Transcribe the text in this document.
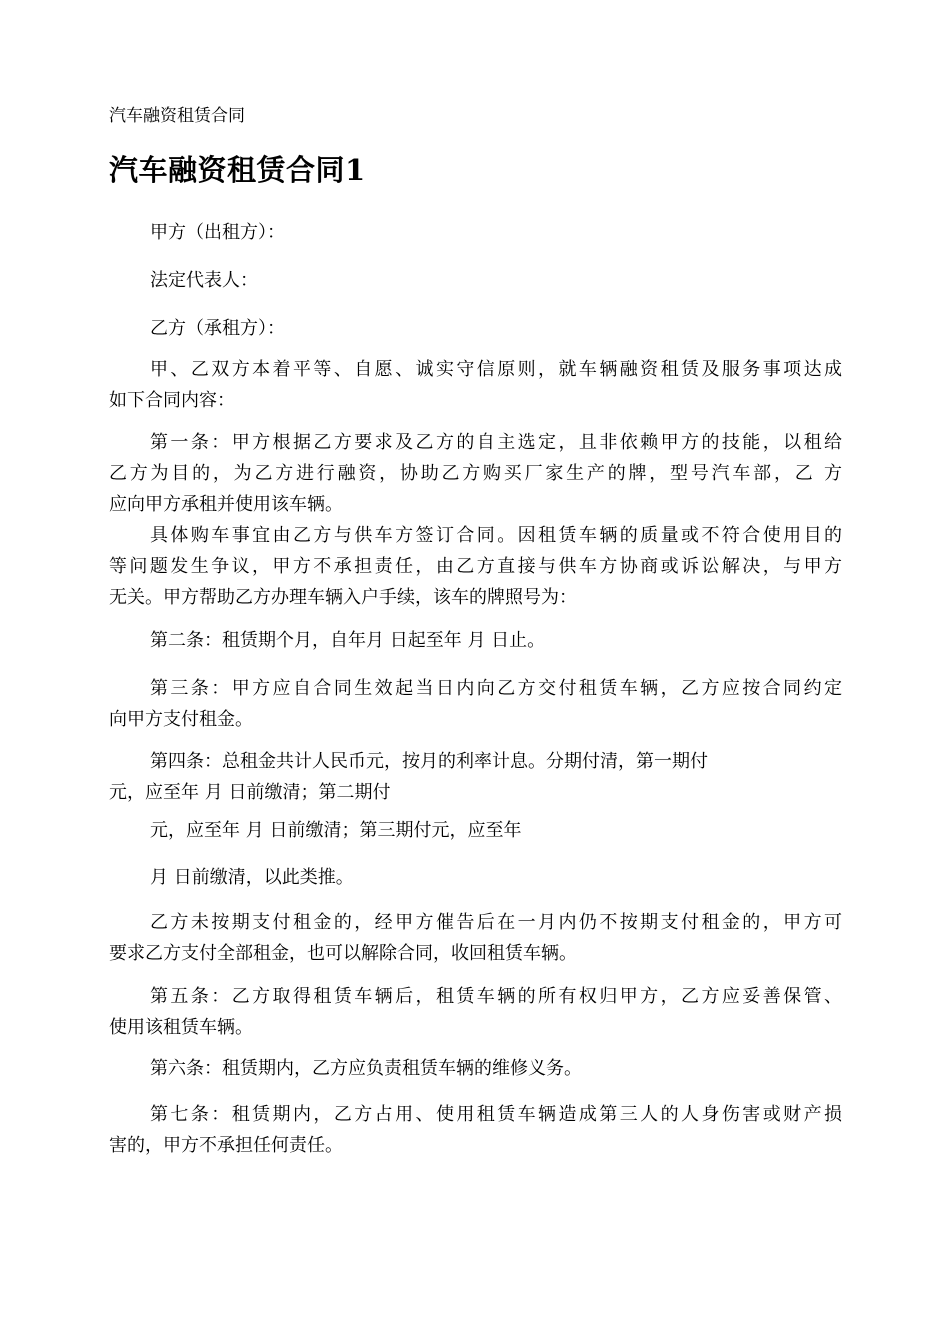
汽车融资租赁合同
汽车融资租赁合同1
甲方（出租方）：
法定代表人：
乙方（承租方）：
甲、乙双方本着平等、自愿、诚实守信原则，就车辆融资租赁及服务事项达成
如下合同内容：
第一条：甲方根据乙方要求及乙方的自主选定，且非依赖甲方的技能，以租给
乙方为目的，为乙方进行融资，协助乙方购买厂家生产的牌，型号汽车部，乙 方
应向甲方承租并使用该车辆。
具体购车事宜由乙方与供车方签订合同。因租赁车辆的质量或不符合使用目的
等问题发生争议，甲方不承担责任，由乙方直接与供车方协商或诉讼解决，与甲方
无关。甲方帮助乙方办理车辆入户手续，该车的牌照号为：
第二条：租赁期个月，自年月 日起至年 月 日止。
第三条：甲方应自合同生效起当日内向乙方交付租赁车辆，乙方应按合同约定
向甲方支付租金。
第四条：总租金共计人民币元，按月的利率计息。分期付清，第一期付
元，应至年 月 日前缴清；第二期付
元，应至年 月 日前缴清；第三期付元，应至年
月 日前缴清，以此类推。
乙方未按期支付租金的，经甲方催告后在一月内仍不按期支付租金的，甲方可
要求乙方支付全部租金，也可以解除合同，收回租赁车辆。
第五条：乙方取得租赁车辆后，租赁车辆的所有权归甲方，乙方应妥善保管、
使用该租赁车辆。
第六条：租赁期内，乙方应负责租赁车辆的维修义务。
第七条：租赁期内，乙方占用、使用租赁车辆造成第三人的人身伤害或财产损
害的，甲方不承担任何责任。
